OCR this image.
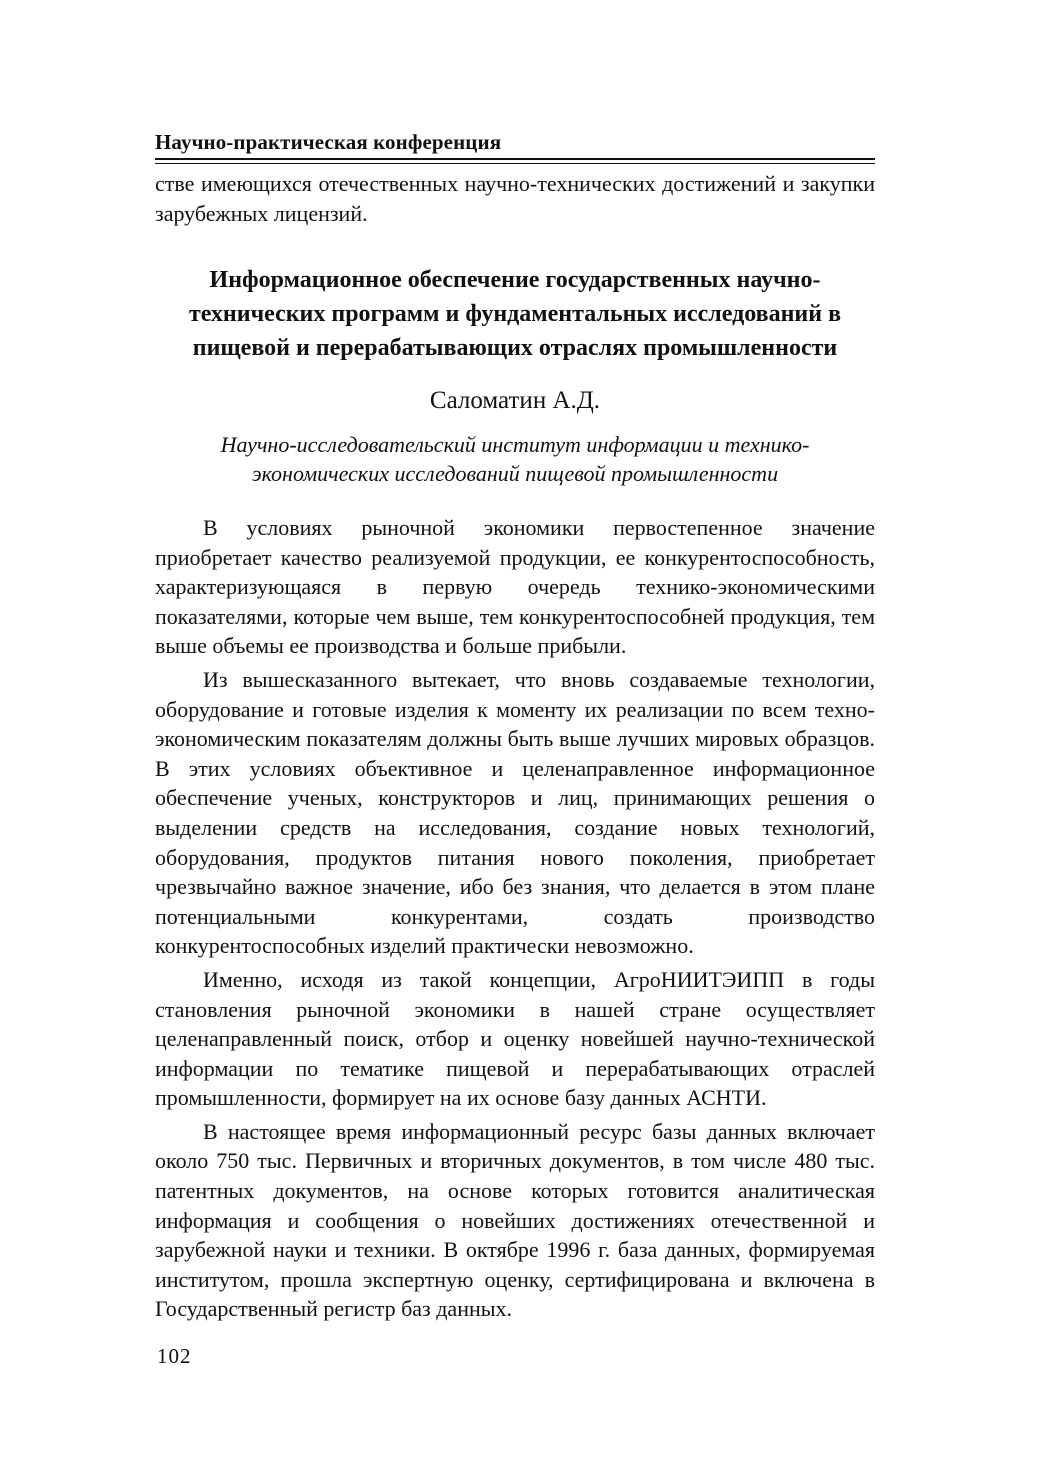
Научно-практическая конференция

стве имеющихся отечественных научно-технических достижений и закупки зарубежных лицензий.

Информационное обеспечение государственных научно-технических программ и фундаментальных исследований в пищевой и перерабатывающих отраслях промышленности
Саломатин А.Д.
Научно-исследовательский институт информации и технико-экономических исследований пищевой промышленности

В условиях рыночной экономики первостепенное значение приобретает качество реализуемой продукции, ее конкурентоспособность, характеризующаяся в первую очередь технико-экономическими показателями, которые чем выше, тем конкурентоспособней продукция, тем выше объемы ее производства и больше прибыли.

Из вышесказанного вытекает, что вновь создаваемые технологии, оборудование и готовые изделия к моменту их реализации по всем техно-экономическим показателям должны быть выше лучших мировых образцов. В этих условиях объективное и целенаправленное информационное обеспечение ученых, конструкторов и лиц, принимающих решения о выделении средств на исследования, создание новых технологий, оборудования, продуктов питания нового поколения, приобретает чрезвычайно важное значение, ибо без знания, что делается в этом плане потенциальными конкурентами, создать производство конкурентоспособных изделий практически невозможно.

Именно, исходя из такой концепции, АгроНИИТЭИПП в годы становления рыночной экономики в нашей стране осуществляет целенаправленный поиск, отбор и оценку новейшей научно-технической информации по тематике пищевой и перерабатывающих отраслей промышленности, формирует на их основе базу данных АСНТИ.

В настоящее время информационный ресурс базы данных включает около 750 тыс. Первичных и вторичных документов, в том числе 480 тыс. патентных документов, на основе которых готовится аналитическая информация и сообщения о новейших достижениях отечественной и зарубежной науки и техники. В октябре 1996 г. база данных, формируемая институтом, прошла экспертную оценку, сертифицирована и включена в Государственный регистр баз данных.

102
